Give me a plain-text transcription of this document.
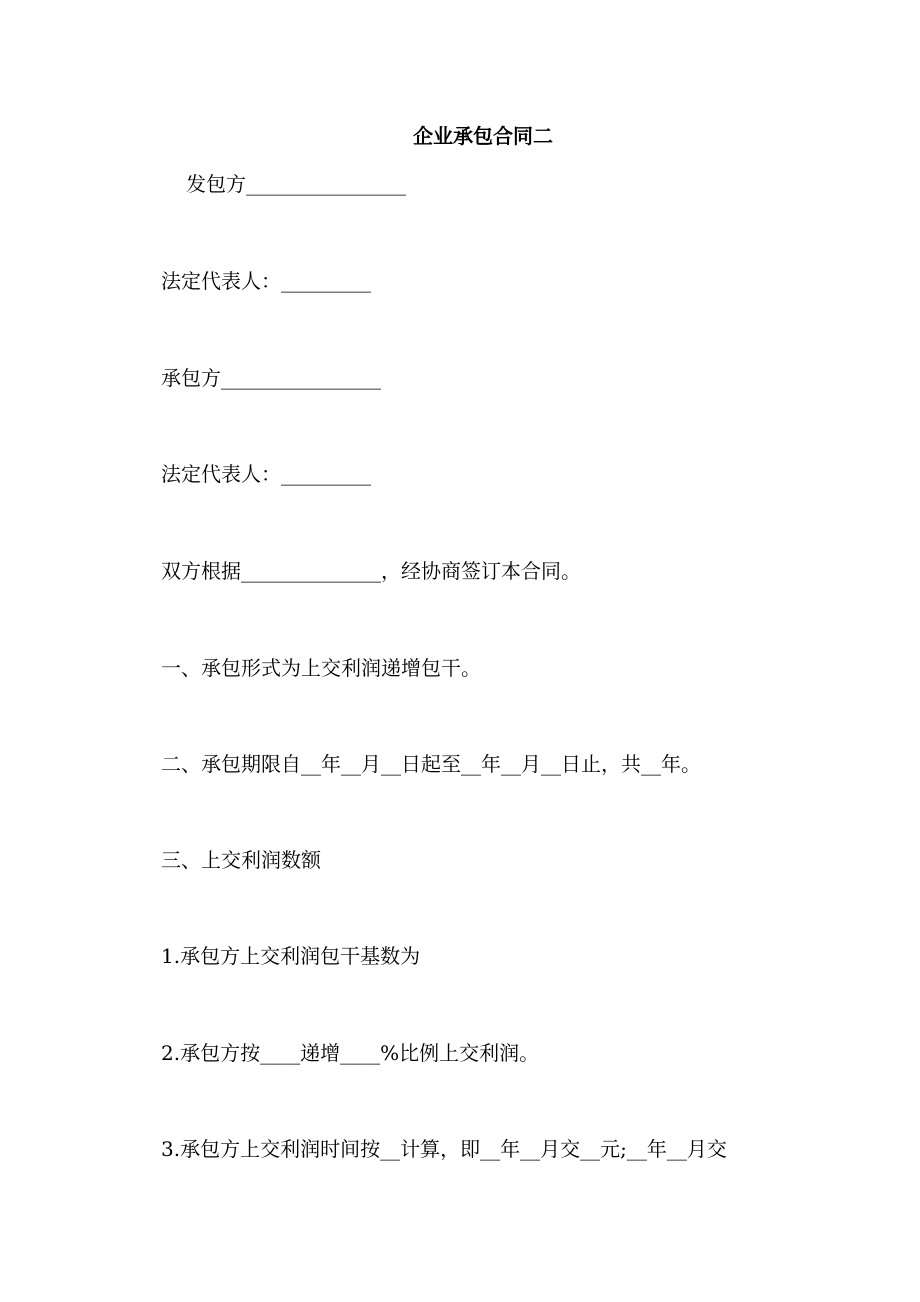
企业承包合同二
发包方________________
法定代表人：_________
承包方________________
法定代表人：_________
双方根据______________，经协商签订本合同。
一、承包形式为上交利润递增包干。
二、承包期限自__年__月__日起至__年__月__日止，共__年。
三、上交利润数额
1.承包方上交利润包干基数为
2.承包方按____递增____%比例上交利润。
3.承包方上交利润时间按__计算，即__年__月交__元;__年__月交
